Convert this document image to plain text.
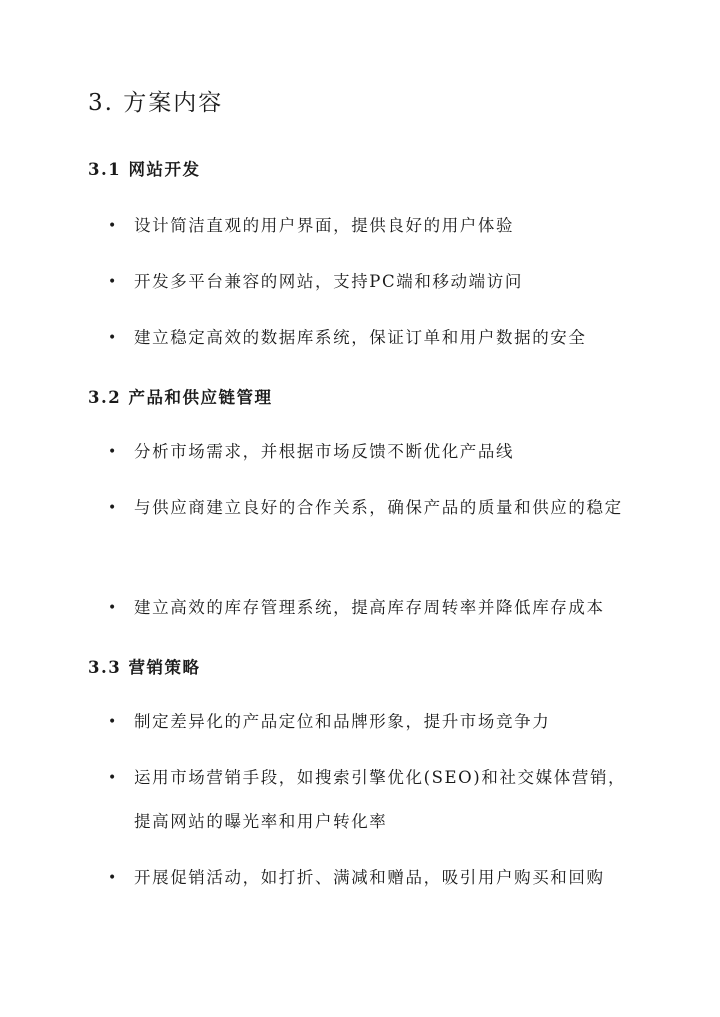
3. 方案内容
3.1 网站开发
• 设计简洁直观的用户界面，提供良好的用户体验
• 开发多平台兼容的网站，支持PC端和移动端访问
• 建立稳定高效的数据库系统，保证订单和用户数据的安全
3.2 产品和供应链管理
• 分析市场需求，并根据市场反馈不断优化产品线
• 与供应商建立良好的合作关系，确保产品的质量和供应的稳定
• 建立高效的库存管理系统，提高库存周转率并降低库存成本
3.3 营销策略
• 制定差异化的产品定位和品牌形象，提升市场竞争力
• 运用市场营销手段，如搜索引擎优化(SEO)和社交媒体营销，提高网站的曝光率和用户转化率
• 开展促销活动，如打折、满减和赠品，吸引用户购买和回购
